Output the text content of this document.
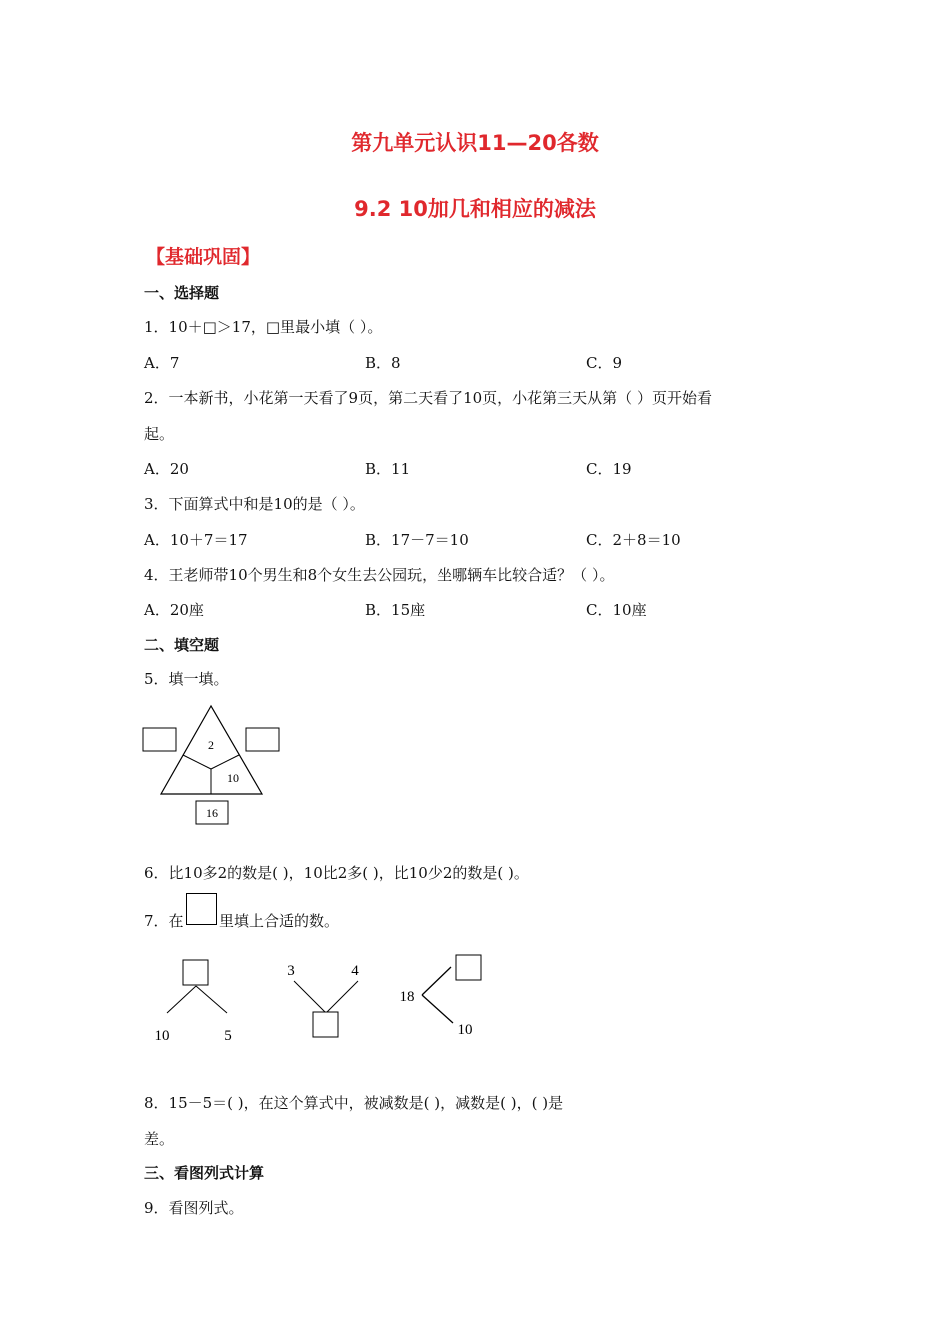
第九单元认识11—20各数
9.2 10加几和相应的减法
【基础巩固】
一、选择题
1．10＋□＞17，□里最小填（ ）。
A．7	B．8	C．9
2．一本新书，小花第一天看了9页，第二天看了10页，小花第三天从第（ ）页开始看
起。
A．20	B．11	C．19
3．下面算式中和是10的是（ ）。
A．10＋7＝17	B．17－7＝10	C．2＋8＝10
4．王老师带10个男生和8个女生去公园玩，坐哪辆车比较合适？（ ）。
A．20座	B．15座	C．10座
二、填空题
5．填一填。
2
10
16
6．比10多2的数是( )，10比2多( )，比10少2的数是( )。
7．在 里填上合适的数。
10	5
3	4
18
10
8．15－5＝( )，在这个算式中，被减数是( )，减数是( )，( )是
差。
三、看图列式计算
9．看图列式。
